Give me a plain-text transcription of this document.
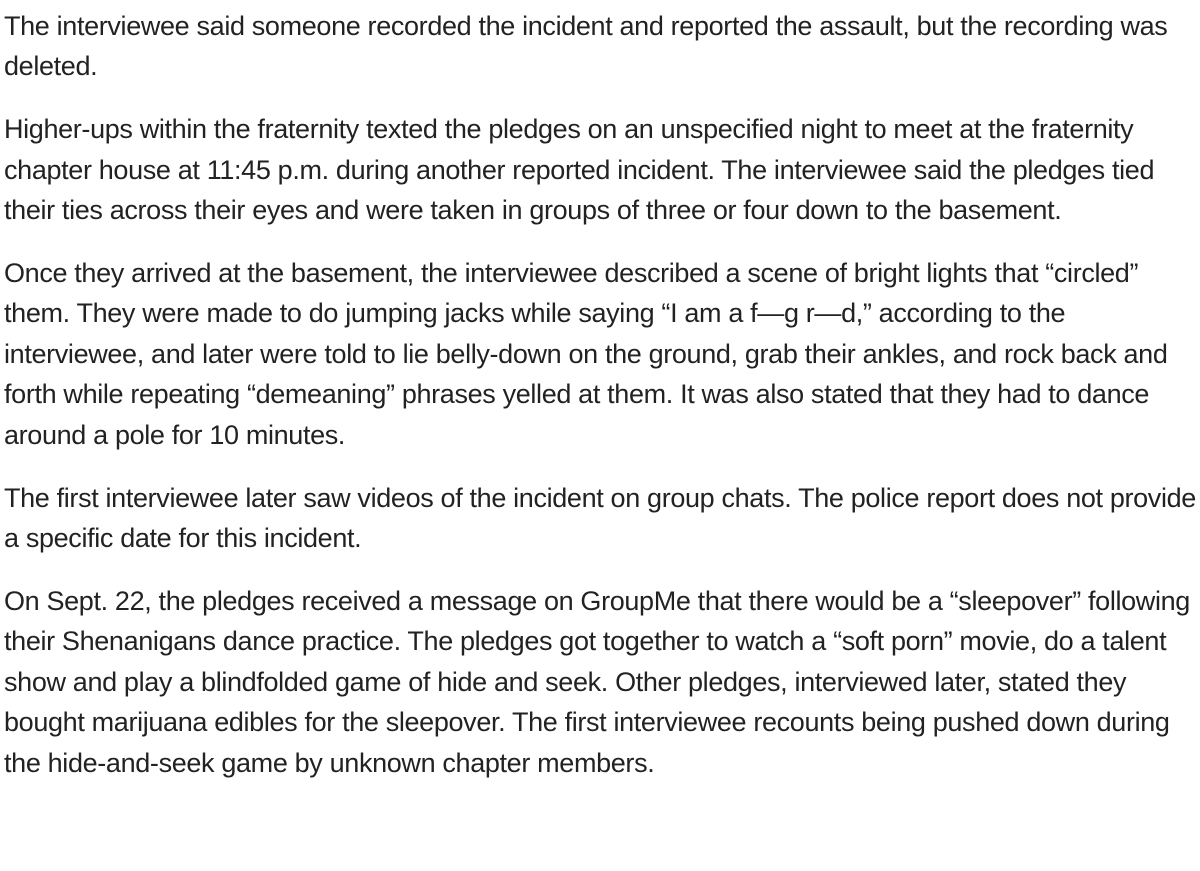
The interviewee said someone recorded the incident and reported the assault, but the recording was deleted.

Higher-ups within the fraternity texted the pledges on an unspecified night to meet at the fraternity chapter house at 11:45 p.m. during another reported incident. The interviewee said the pledges tied their ties across their eyes and were taken in groups of three or four down to the basement.

Once they arrived at the basement, the interviewee described a scene of bright lights that “circled” them. They were made to do jumping jacks while saying “I am a f—g r—d,” according to the interviewee, and later were told to lie belly-down on the ground, grab their ankles, and rock back and forth while repeating “demeaning” phrases yelled at them. It was also stated that they had to dance around a pole for 10 minutes.

The first interviewee later saw videos of the incident on group chats. The police report does not provide a specific date for this incident.

On Sept. 22, the pledges received a message on GroupMe that there would be a “sleepover” following their Shenanigans dance practice. The pledges got together to watch a “soft porn” movie, do a talent show and play a blindfolded game of hide and seek. Other pledges, interviewed later, stated they bought marijuana edibles for the sleepover. The first interviewee recounts being pushed down during the hide-and-seek game by unknown chapter members.
